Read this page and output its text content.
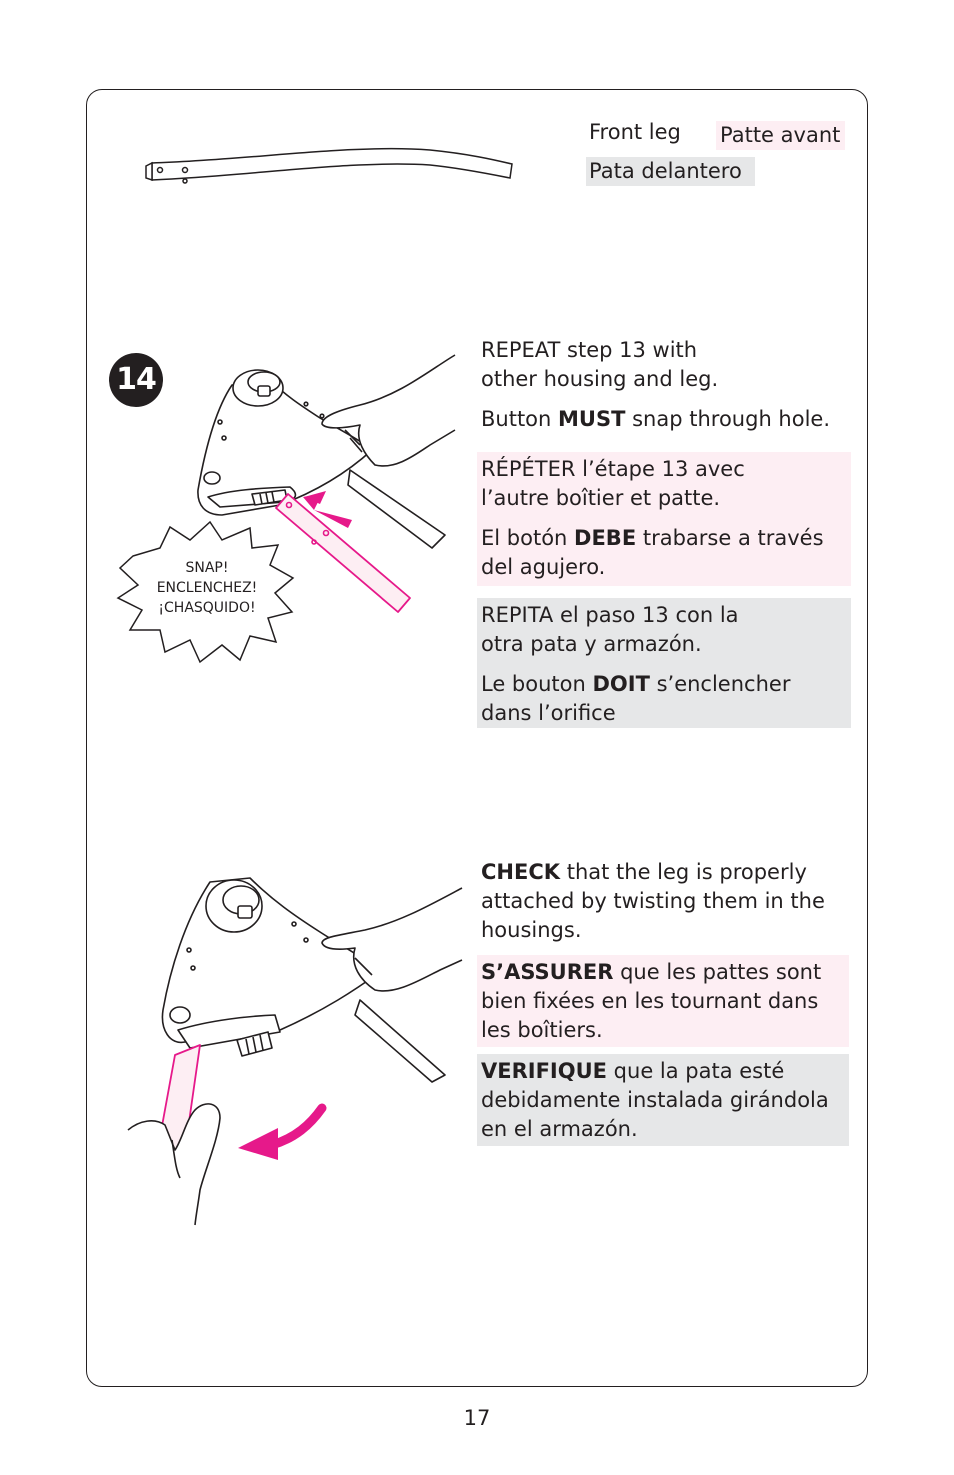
Front leg Patte avant

Pata delantero

14
SNAP!
ENCLENCHEZ!
¡CHASQUIDO!

REPEAT step 13 with
other housing and leg.

Button MUST snap through hole.

RÉPÉTER l’étape 13 avec
l’autre boîtier et patte.

El botón DEBE trabarse a través
del agujero.

REPITA el paso 13 con la
otra pata y armazón.

Le bouton DOIT s’enclencher
dans l’orifice

CHECK that the leg is properly
attached by twisting them in the
housings.

S’ASSURER que les pattes sont
bien fixées en les tournant dans
les boîtiers.

VERIFIQUE que la pata esté
debidamente instalada girándola
en el armazón.

17
